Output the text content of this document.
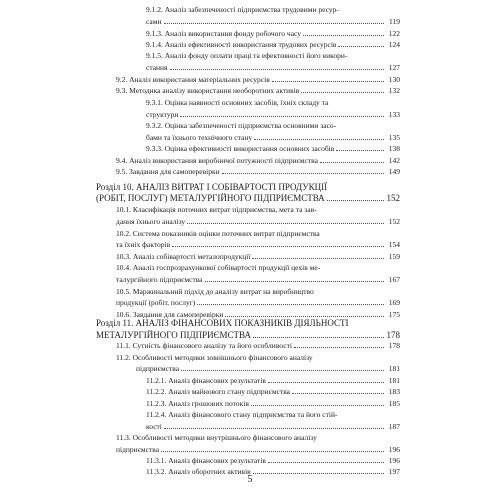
9.1.2. Аналіз забезпеченості підприємства трудовими ресур-
сами	119
9.1.3. Аналіз використання фонду робочого часу	122
9.1.4. Аналіз ефективності використання трудових ресурсів	124
9.1.5. Аналіз фонду оплати праці та ефективності його викори-
стання	127
9.2. Аналіз використання матеріальних ресурсів	130
9.3. Методика аналізу використання необоротних активів	132
9.3.1. Оцінка наявності основних засобів, їхніх складу та
структури	133
9.3.2. Оцінка забезпеченості підприємства основними засо-
бами та їхнього технічного стану	135
9.3.3. Оцінка ефективності використання основних засобів	138
9.4. Аналіз використання виробничої потужності підприємства	142
9.5. Завдання для самоперевірки	149
Розділ 10. АНАЛІЗ ВИТРАТ І СОБІВАРТОСТІ ПРОДУКЦІЇ
(РОБІТ, ПОСЛУГ) МЕТАЛУРГІЙНОГО ПІДПРИЄМСТВА	152
10.1. Класифікація поточних витрат підприємства, мета та зав-
дання їхнього аналізу	152
10.2. Система показників оцінки поточних витрат підприємства
та їхніх факторів	154
10.3. Аналіз собівартості металопродукції	159
10.4. Аналіз госпрозрахункової собівартості продукції цехів ме-
талургійного підприємства	167
10.5. Маржинальний підхід до аналізу витрат на виробництво
продукції (робіт, послуг)	169
10.6. Завдання для самоперевірки	175
Розділ 11. АНАЛІЗ ФІНАНСОВИХ ПОКАЗНИКІВ ДІЯЛЬНОСТІ
МЕТАЛУРГІЙНОГО ПІДПРИЄМСТВА	178
11.1. Сутність фінансового аналізу та його особливості	178
11.2. Особливості методики зовнішнього фінансового аналізу
підприємства	181
11.2.1. Аналіз фінансових результатів	181
11.2.2. Аналіз майнового стану підприємства	183
11.2.3. Аналіз грошових потоків	185
11.2.4. Аналіз фінансового стану підприємства та його стій-
кості	187
11.3. Особливості методики внутрішнього фінансового аналізу
підприємства	196
11.3.1. Аналіз фінансових результатів	196
11.3.2. Аналіз оборотних активів	197
5
